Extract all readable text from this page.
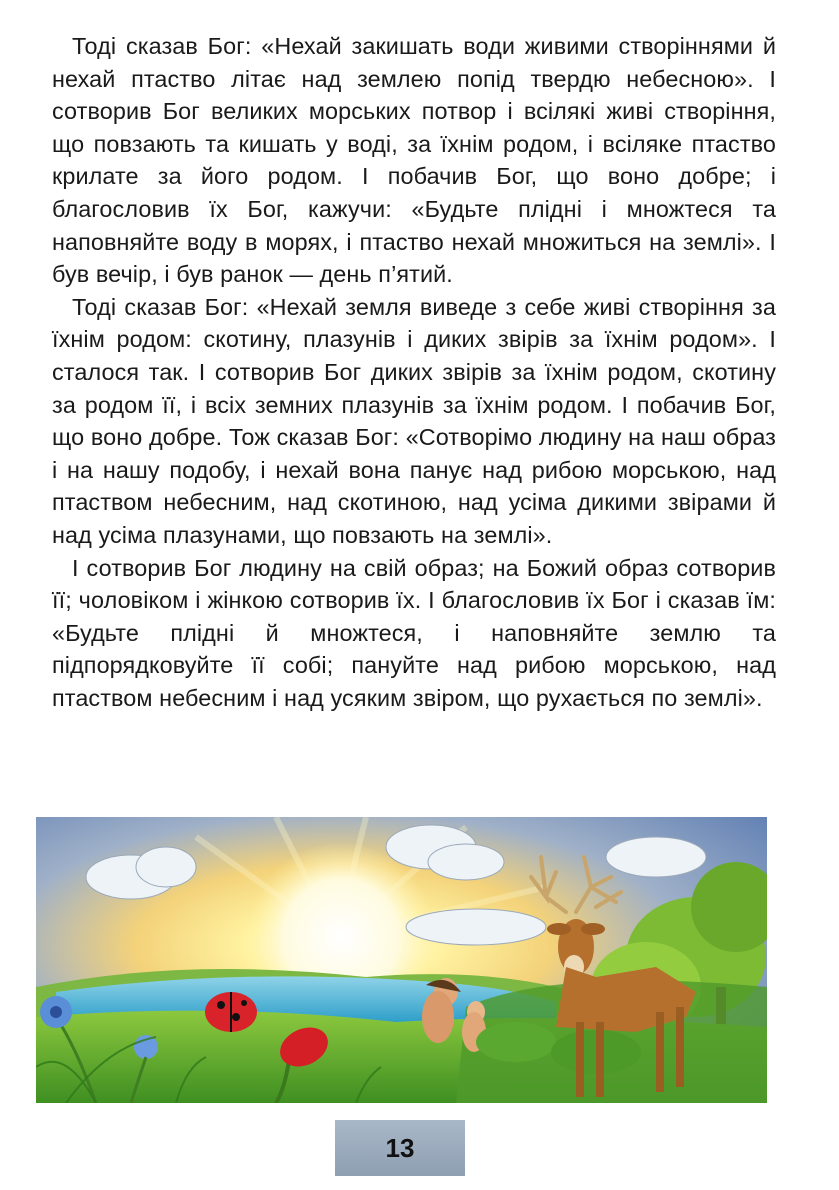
Тоді сказав Бог: «Нехай закишать води живими створіннями й нехай птаство літає над землею попід твердю небесною». І сотворив Бог великих морських потвор і всілякі живі створіння, що повзають та кишать у воді, за їхнім родом, і всіляке птаство крилате за його родом. І побачив Бог, що воно добре; і благословив їх Бог, кажучи: «Будьте плідні і множтеся та наповняйте воду в морях, і птаство нехай множиться на землі». І був вечір, і був ранок — день п’ятий.

Тоді сказав Бог: «Нехай земля виведе з себе живі створіння за їхнім родом: скотину, плазунів і диких звірів за їхнім родом». І сталося так. І сотворив Бог диких звірів за їхнім родом, скотину за родом її, і всіх земних плазунів за їхнім родом. І побачив Бог, що воно добре. Тож сказав Бог: «Сотворімо людину на наш образ і на нашу подобу, і нехай вона панує над рибою морською, над птаством небесним, над скотиною, над усіма дикими звірами й над усіма плазунами, що повзають на землі».

І сотворив Бог людину на свій образ; на Божий образ сотворив її; чоловіком і жінкою сотворив їх. І благословив їх Бог і сказав їм: «Будьте плідні й множтеся, і наповняйте землю та підпорядковуйте її собі; пануйте над рибою морською, над птаством небесним і над усяким звіром, що рухається по землі».

13
